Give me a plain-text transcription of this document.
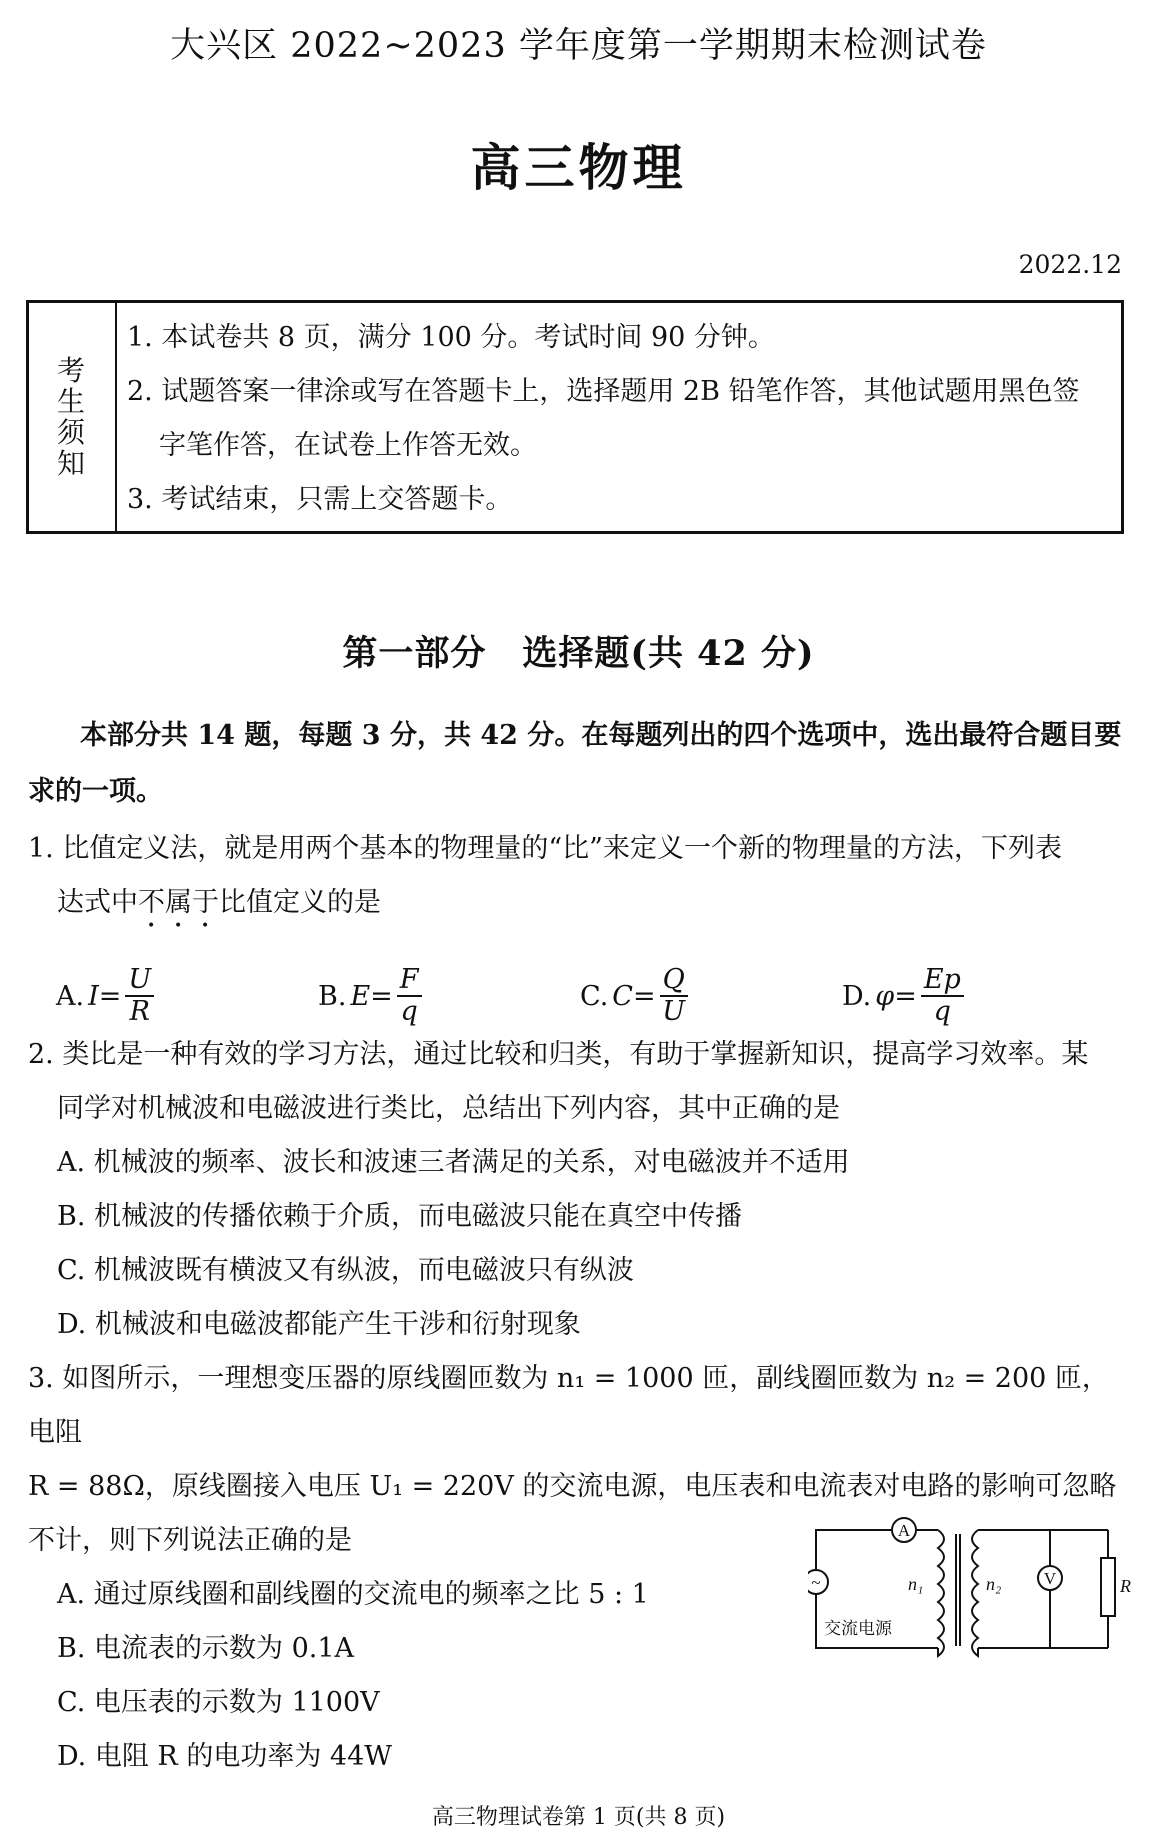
大兴区 2022~2023 学年度第一学期期末检测试卷
高三物理
2022.12
考生须知
1. 本试卷共 8 页，满分 100 分。考试时间 90 分钟。
2. 试题答案一律涂或写在答题卡上，选择题用 2B 铅笔作答，其他试题用黑色签
字笔作答，在试卷上作答无效。
3. 考试结束，只需上交答题卡。
第一部分　选择题(共 42 分)
本部分共 14 题，每题 3 分，共 42 分。在每题列出的四个选项中，选出最符合题目要
求的一项。
1. 比值定义法，就是用两个基本的物理量的“比”来定义一个新的物理量的方法，下列表
达式中不属于比值定义的是
A. $I = \frac{U}{R}$	B. $E = \frac{F}{q}$	C. $C = \frac{Q}{U}$	D. $\varphi = \frac{Ep}{q}$
2. 类比是一种有效的学习方法，通过比较和归类，有助于掌握新知识，提高学习效率。某
同学对机械波和电磁波进行类比，总结出下列内容，其中正确的是
A. 机械波的频率、波长和波速三者满足的关系，对电磁波并不适用
B. 机械波的传播依赖于介质，而电磁波只能在真空中传播
C. 机械波既有横波又有纵波，而电磁波只有纵波
D. 机械波和电磁波都能产生干涉和衍射现象
3. 如图所示，一理想变压器的原线圈匝数为 n₁ = 1000 匝，副线圈匝数为 n₂ = 200 匝，电阻
R = 88Ω，原线圈接入电压 U₁ = 220V 的交流电源，电压表和电流表对电路的影响可忽略
不计，则下列说法正确的是
A. 通过原线圈和副线圈的交流电的频率之比 5 : 1
B. 电流表的示数为 0.1A
C. 电压表的示数为 1100V
D. 电阻 R 的电功率为 44W
A
V
~	n₁	n₂	R
交流电源
高三物理试卷第 1 页(共 8 页)
